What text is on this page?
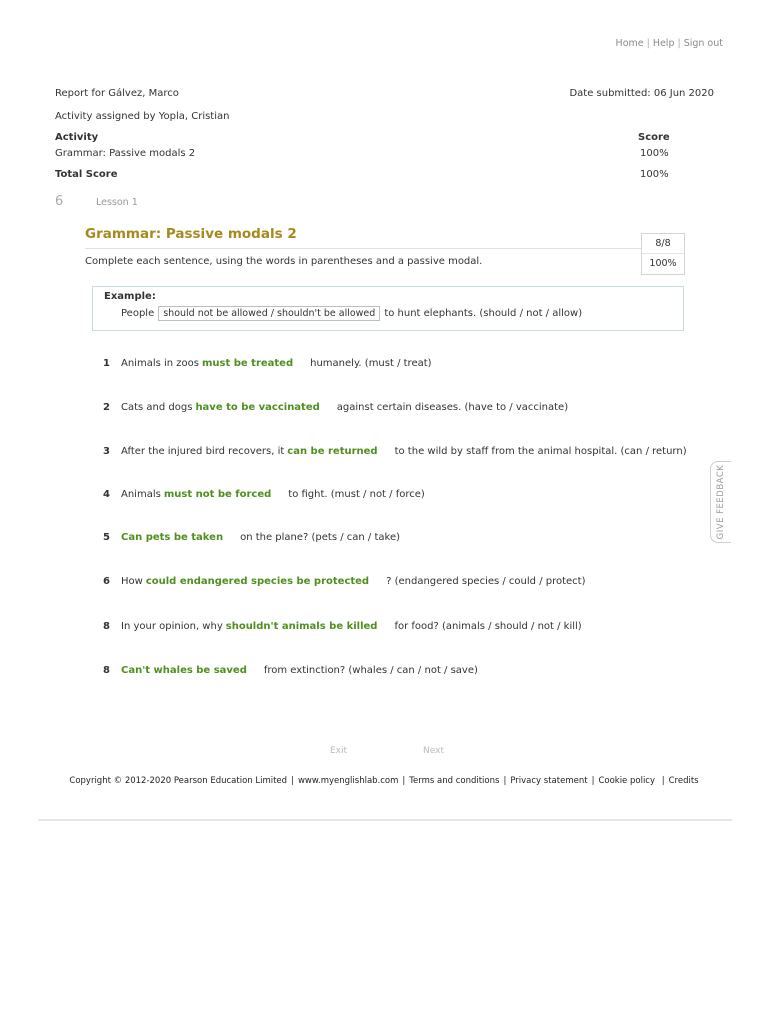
Home | Help | Sign out
Report for Gálvez, Marco	Date submitted: 06 Jun 2020
Activity assigned by Yopla, Cristian
Activity	Score
Grammar: Passive modals 2	100%
Total Score	100%
6	Lesson 1
Grammar: Passive modals 2
8/8
100%
Complete each sentence, using the words in parentheses and a passive modal.
Example:
People should not be allowed / shouldn't be allowed to hunt elephants. (should / not / allow)
1	Animals in zoos must be treated humanely. (must / treat)
2	Cats and dogs have to be vaccinated against certain diseases. (have to / vaccinate)
3	After the injured bird recovers, it can be returned to the wild by staff from the animal hospital. (can / return)
4	Animals must not be forced to fight. (must / not / force)
5	Can pets be taken on the plane? (pets / can / take)
6	How could endangered species be protected ? (endangered species / could / protect)
8	In your opinion, why shouldn't animals be killed for food? (animals / should / not / kill)
8	Can't whales be saved from extinction? (whales / can / not / save)
Exit	Next
Copyright © 2012-2020 Pearson Education Limited | www.myenglishlab.com | Terms and conditions | Privacy statement | Cookie policy | Credits
GIVE FEEDBACK
